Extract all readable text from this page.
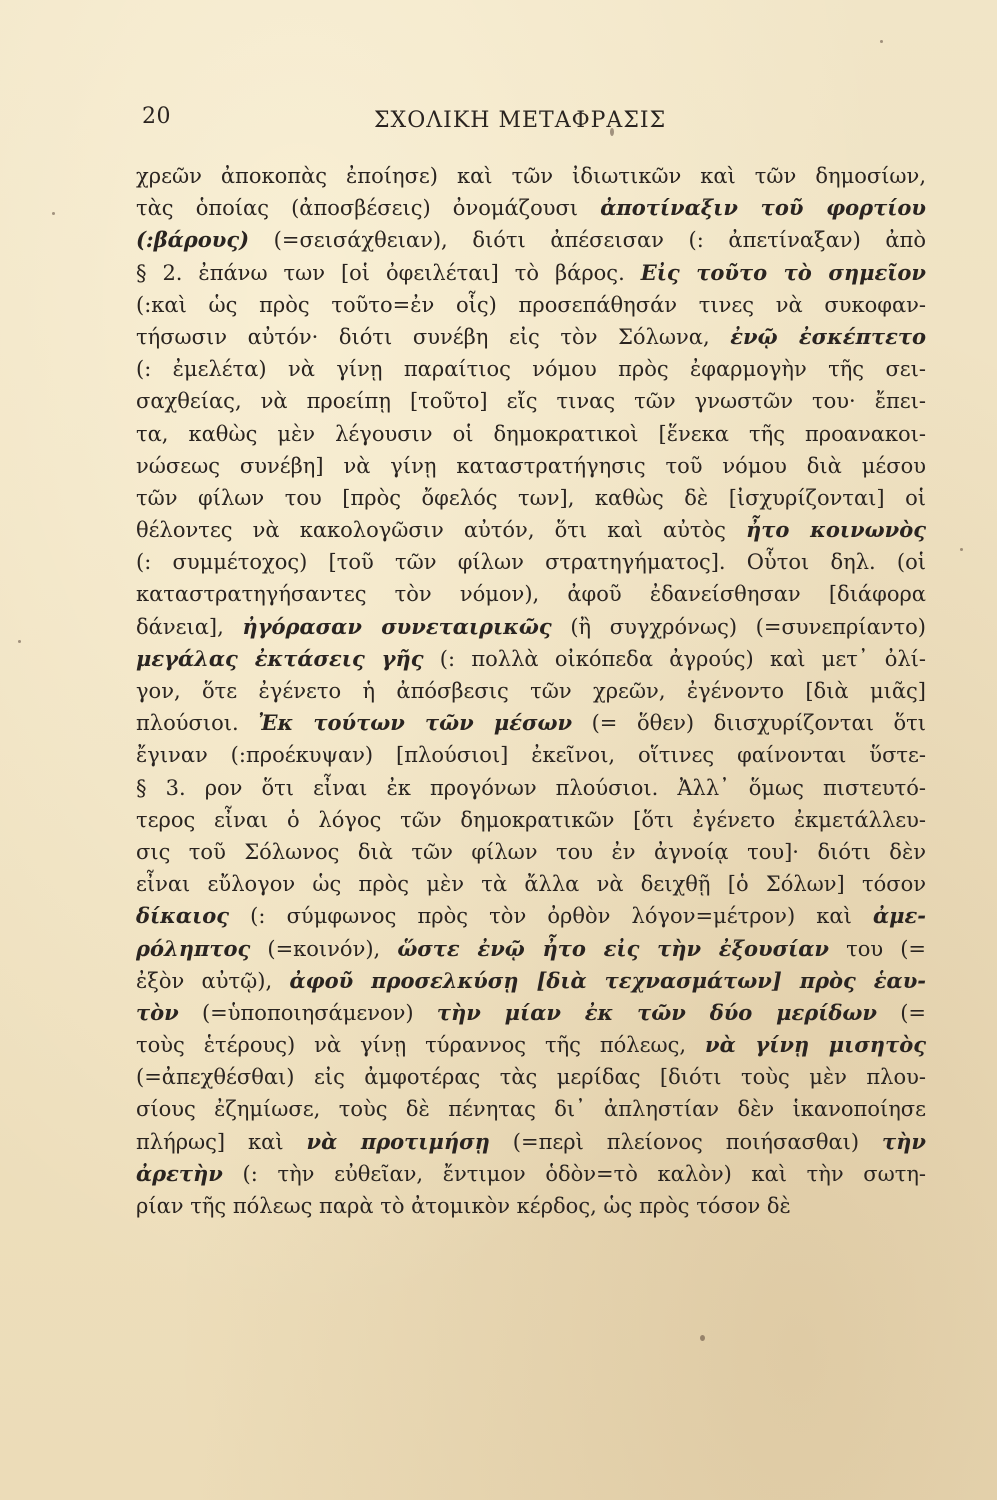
20	ΣΧΟΛΙΚΗ ΜΕΤΑΦΡΑΣΙΣ
χρεῶν ἀποκοπὰς ἐποίησε) καὶ τῶν ἰδιωτικῶν καὶ τῶν δημοσίων,
τὰς ὁποίας (ἀποσβέσεις) ὀνομάζουσι ἀποτίναξιν τοῦ φορτίου
(:βάρους) (=σεισάχθειαν), διότι ἀπέσεισαν (: ἀπετίναξαν) ἀπὸ
§ 2. ἐπάνω των [οἱ ὀφειλέται] τὸ βάρος. Εἰς τοῦτο τὸ σημεῖον
(:καὶ ὡς πρὸς τοῦτο=ἐν οἷς) προσεπάθησάν τινες νὰ συκοφαν-
τήσωσιν αὐτόν· διότι συνέβη εἰς τὸν Σόλωνα, ἐνῷ ἐσκέπτετο
(: ἐμελέτα) νὰ γίνῃ παραίτιος νόμου πρὸς ἐφαρμογὴν τῆς σει-
σαχθείας, νὰ προείπῃ [τοῦτο] εἴς τινας τῶν γνωστῶν του· ἔπει-
τα, καθὼς μὲν λέγουσιν οἱ δημοκρατικοὶ [ἕνεκα τῆς προανακοι-
νώσεως συνέβη] νὰ γίνῃ καταστρατήγησις τοῦ νόμου διὰ μέσου
τῶν φίλων του [πρὸς ὄφελός των], καθὼς δὲ [ἰσχυρίζονται] οἱ
θέλοντες νὰ κακολογῶσιν αὐτόν, ὅτι καὶ αὐτὸς ἦτο κοινωνὸς
(: συμμέτοχος) [τοῦ τῶν φίλων στρατηγήματος]. Οὗτοι δηλ. (οἱ
καταστρατηγήσαντες τὸν νόμον), ἀφοῦ ἐδανείσθησαν [διάφορα
δάνεια], ἠγόρασαν συνεταιρικῶς (ἢ συγχρόνως) (=συνεπρίαντο)
μεγάλας ἐκτάσεις γῆς (: πολλὰ οἰκόπεδα ἀγρούς) καὶ μετ᾽ ὀλί-
γον, ὅτε ἐγένετο ἡ ἀπόσβεσις τῶν χρεῶν, ἐγένοντο [διὰ μιᾶς]
πλούσιοι. Ἐκ τούτων τῶν μέσων (= ὅθεν) διισχυρίζονται ὅτι
ἔγιναν (:προέκυψαν) [πλούσιοι] ἐκεῖνοι, οἵτινες φαίνονται ὕστε-
§ 3. ρον ὅτι εἶναι ἐκ προγόνων πλούσιοι. Ἀλλ᾽ ὅμως πιστευτό-
τερος εἶναι ὁ λόγος τῶν δημοκρατικῶν [ὅτι ἐγένετο ἐκμετάλλευ-
σις τοῦ Σόλωνος διὰ τῶν φίλων του ἐν ἀγνοίᾳ του]· διότι δὲν
εἶναι εὔλογον ὡς πρὸς μὲν τὰ ἄλλα νὰ δειχθῇ [ὁ Σόλων] τόσον
δίκαιος (: σύμφωνος πρὸς τὸν ὀρθὸν λόγον=μέτρον) καὶ ἀμε-
ρόληπτος (=κοινόν), ὥστε ἐνῷ ἦτο εἰς τὴν ἐξουσίαν του (=
ἐξὸν αὐτῷ), ἀφοῦ προσελκύσῃ [διὰ τεχνασμάτων] πρὸς ἑαυ-
τὸν (=ὑποποιησάμενον) τὴν μίαν ἐκ τῶν δύο μερίδων (=
τοὺς ἑτέρους) νὰ γίνῃ τύραννος τῆς πόλεως, νὰ γίνῃ μισητὸς
(=ἀπεχθέσθαι) εἰς ἀμφοτέρας τὰς μερίδας [διότι τοὺς μὲν πλου-
σίους ἐζημίωσε, τοὺς δὲ πένητας δι᾽ ἀπληστίαν δὲν ἱκανοποίησε
πλήρως] καὶ νὰ προτιμήσῃ (=περὶ πλείονος ποιήσασθαι) τὴν
ἀρετὴν (: τὴν εὐθεῖαν, ἔντιμον ὁδὸν=τὸ καλὸν) καὶ τὴν σωτη-
ρίαν τῆς πόλεως παρὰ τὸ ἀτομικὸν κέρδος, ὡς πρὸς τόσον δὲ
